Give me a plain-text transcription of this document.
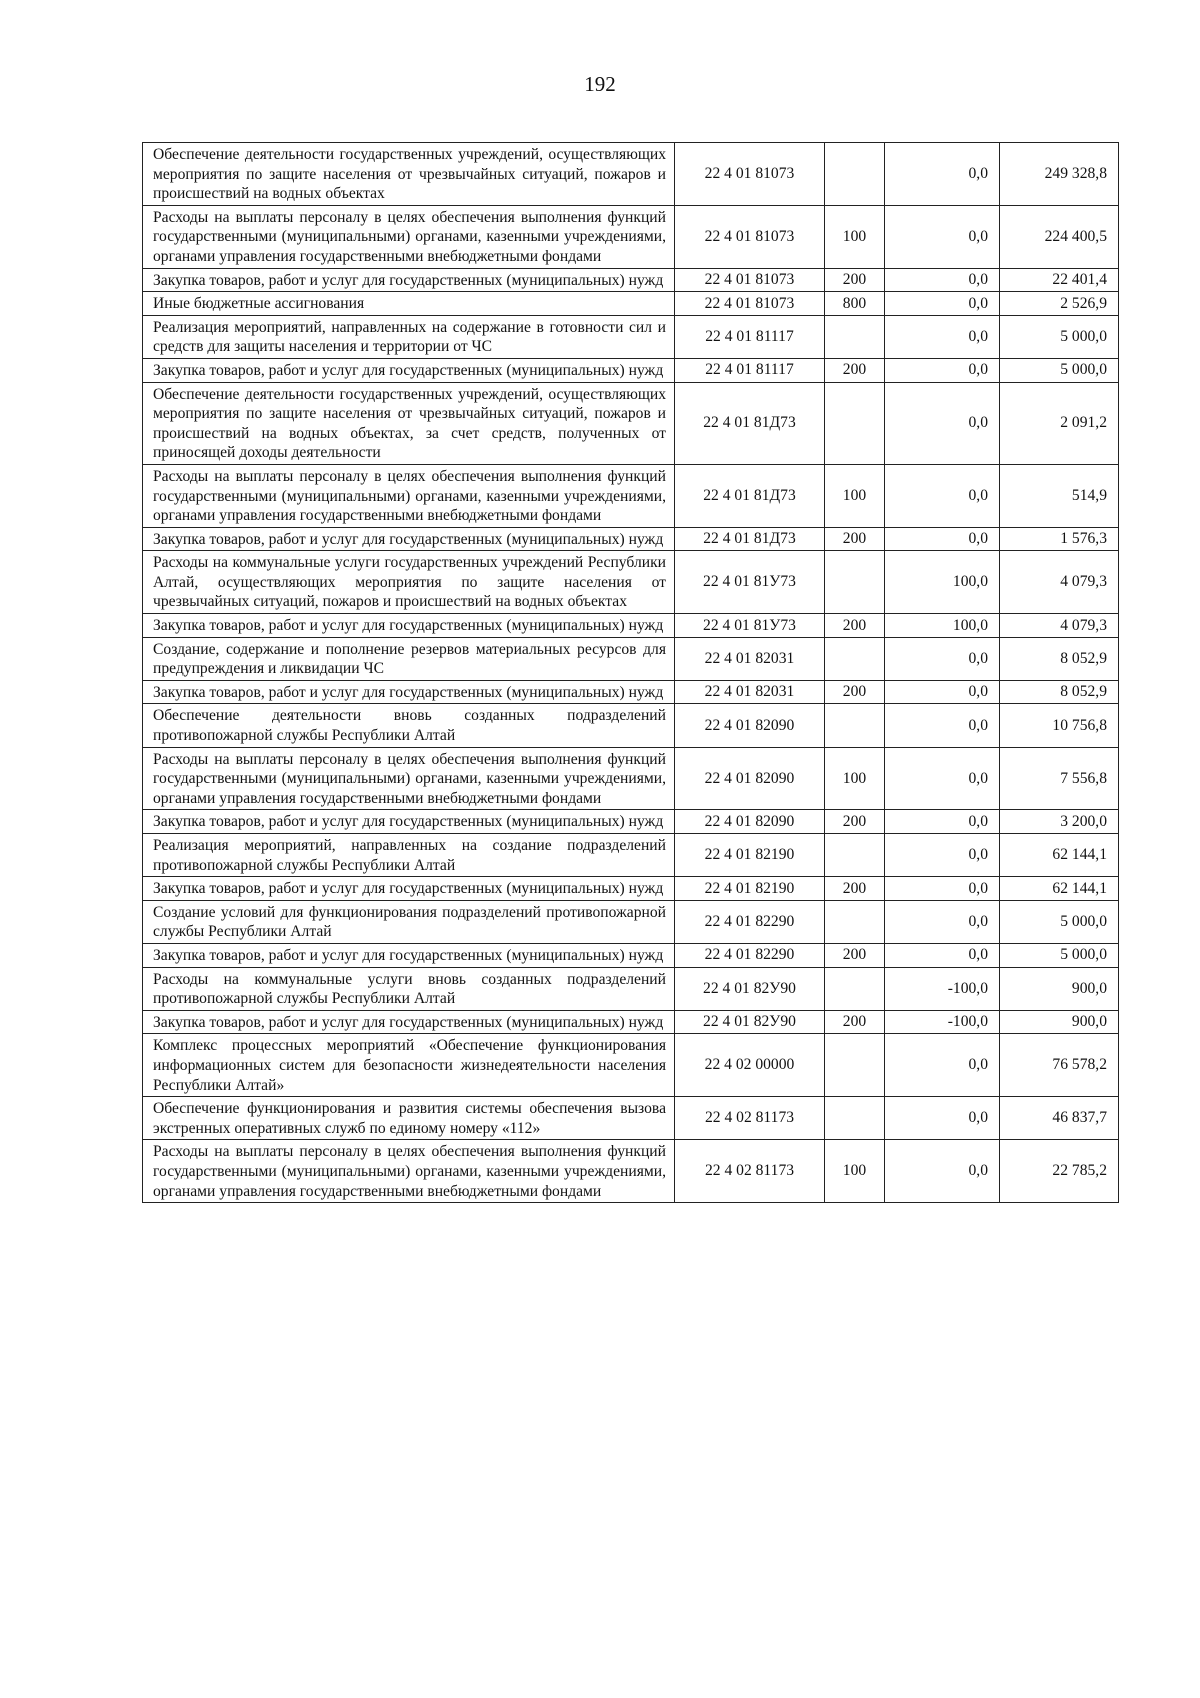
192
Обеспечение деятельности государственных учреждений, осуществляющих мероприятия по защите населения от чрезвычайных ситуаций, пожаров и происшествий на водных объектах	22 4 01 81073		0,0	249 328,8
Расходы на выплаты персоналу в целях обеспечения выполнения функций государственными (муниципальными) органами, казенными учреждениями, органами управления государственными внебюджетными фондами	22 4 01 81073	100	0,0	224 400,5
Закупка товаров, работ и услуг для государственных (муниципальных) нужд	22 4 01 81073	200	0,0	22 401,4
Иные бюджетные ассигнования	22 4 01 81073	800	0,0	2 526,9
Реализация мероприятий, направленных на содержание в готовности сил и средств для защиты населения и территории от ЧС	22 4 01 81117		0,0	5 000,0
Закупка товаров, работ и услуг для государственных (муниципальных) нужд	22 4 01 81117	200	0,0	5 000,0
Обеспечение деятельности государственных учреждений, осуществляющих мероприятия по защите населения от чрезвычайных ситуаций, пожаров и происшествий на водных объектах, за счет средств, полученных от приносящей доходы деятельности	22 4 01 81Д73		0,0	2 091,2
Расходы на выплаты персоналу в целях обеспечения выполнения функций государственными (муниципальными) органами, казенными учреждениями, органами управления государственными внебюджетными фондами	22 4 01 81Д73	100	0,0	514,9
Закупка товаров, работ и услуг для государственных (муниципальных) нужд	22 4 01 81Д73	200	0,0	1 576,3
Расходы на коммунальные услуги государственных учреждений Республики Алтай, осуществляющих мероприятия по защите населения от чрезвычайных ситуаций, пожаров и происшествий на водных объектах	22 4 01 81У73		100,0	4 079,3
Закупка товаров, работ и услуг для государственных (муниципальных) нужд	22 4 01 81У73	200	100,0	4 079,3
Создание, содержание и пополнение резервов материальных ресурсов для предупреждения и ликвидации ЧС	22 4 01 82031		0,0	8 052,9
Закупка товаров, работ и услуг для государственных (муниципальных) нужд	22 4 01 82031	200	0,0	8 052,9
Обеспечение деятельности вновь созданных подразделений противопожарной службы Республики Алтай	22 4 01 82090		0,0	10 756,8
Расходы на выплаты персоналу в целях обеспечения выполнения функций государственными (муниципальными) органами, казенными учреждениями, органами управления государственными внебюджетными фондами	22 4 01 82090	100	0,0	7 556,8
Закупка товаров, работ и услуг для государственных (муниципальных) нужд	22 4 01 82090	200	0,0	3 200,0
Реализация мероприятий, направленных на создание подразделений противопожарной службы Республики Алтай	22 4 01 82190		0,0	62 144,1
Закупка товаров, работ и услуг для государственных (муниципальных) нужд	22 4 01 82190	200	0,0	62 144,1
Создание условий для функционирования подразделений противопожарной службы Республики Алтай	22 4 01 82290		0,0	5 000,0
Закупка товаров, работ и услуг для государственных (муниципальных) нужд	22 4 01 82290	200	0,0	5 000,0
Расходы на коммунальные услуги вновь созданных подразделений противопожарной службы Республики Алтай	22 4 01 82У90		-100,0	900,0
Закупка товаров, работ и услуг для государственных (муниципальных) нужд	22 4 01 82У90	200	-100,0	900,0
Комплекс процессных мероприятий «Обеспечение функционирования информационных систем для безопасности жизнедеятельности населения Республики Алтай»	22 4 02 00000		0,0	76 578,2
Обеспечение функционирования и развития системы обеспечения вызова экстренных оперативных служб по единому номеру «112»	22 4 02 81173		0,0	46 837,7
Расходы на выплаты персоналу в целях обеспечения выполнения функций государственными (муниципальными) органами, казенными учреждениями, органами управления государственными внебюджетными фондами	22 4 02 81173	100	0,0	22 785,2
